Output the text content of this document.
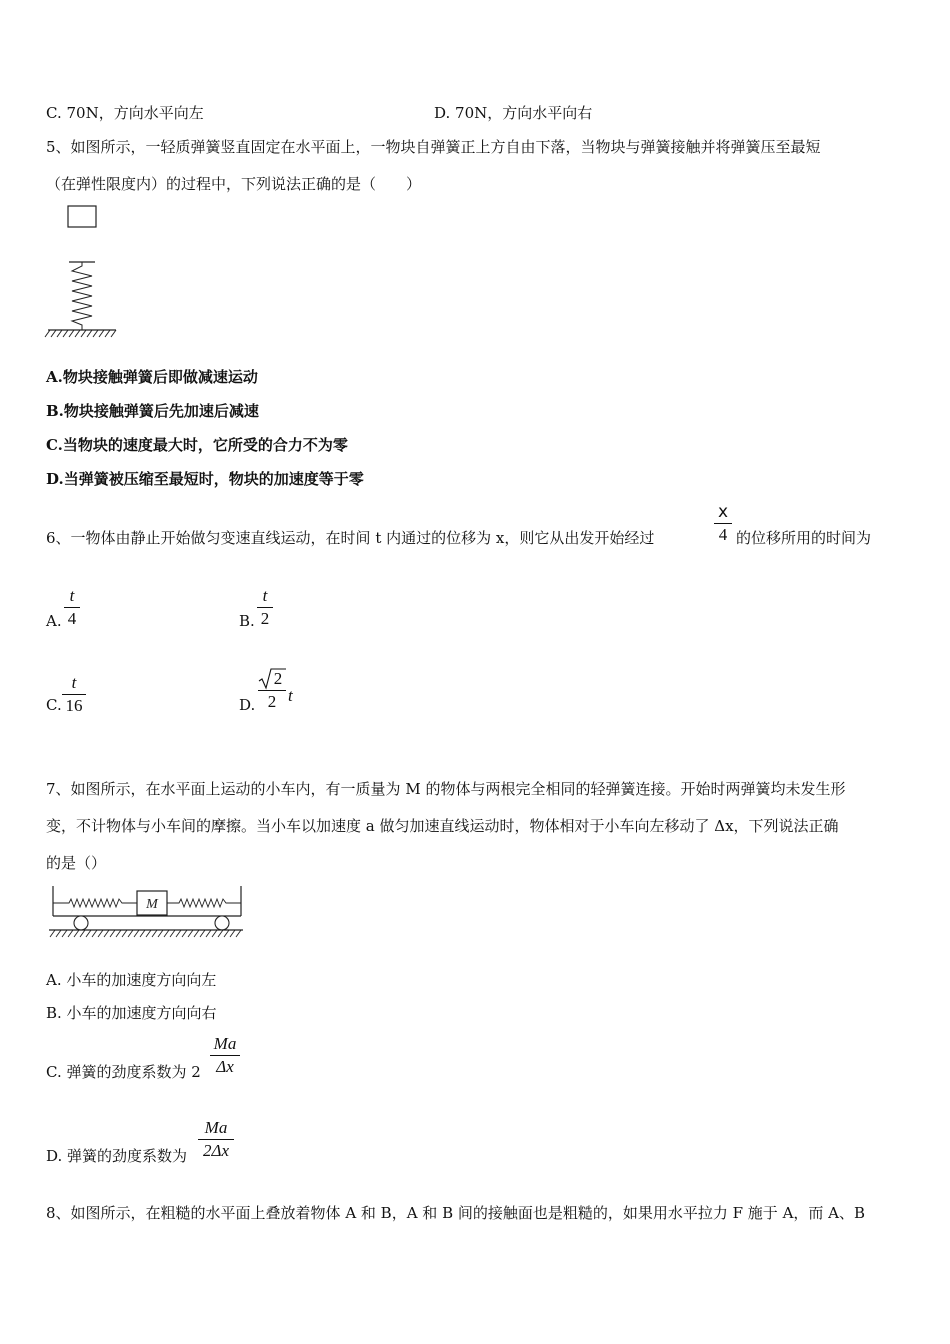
C. 70N，方向水平向左	D. 70N，方向水平向右
5、如图所示，一轻质弹簧竖直固定在水平面上，一物块自弹簧正上方自由下落，当物块与弹簧接触并将弹簧压至最短
（在弹性限度内）的过程中，下列说法正确的是（　　）
A.物块接触弹簧后即做减速运动
B.物块接触弹簧后先加速后减速
C.当物块的速度最大时，它所受的合力不为零
D.当弹簧被压缩至最短时，物块的加速度等于零
6、一物体由静止开始做匀变速直线运动，在时间 t 内通过的位移为 x，则它从出发开始经过
x
4 的位移所用的时间为
A.
t
4	B.
t
2
C.
t
16	D.
2
2 t
7、如图所示，在水平面上运动的小车内，有一质量为 M 的物体与两根完全相同的轻弹簧连接。开始时两弹簧均未发生形
变，不计物体与小车间的摩擦。当小车以加速度 a 做匀加速直线运动时，物体相对于小车向左移动了 Δx，下列说法正确
的是（）
M
A. 小车的加速度方向向左
B. 小车的加速度方向向右
C. 弹簧的劲度系数为 2
Ma
Δx
D. 弹簧的劲度系数为
Ma
2Δx
8、如图所示，在粗糙的水平面上叠放着物体 A 和 B，A 和 B 间的接触面也是粗糙的，如果用水平拉力 F 施于 A，而 A、B
